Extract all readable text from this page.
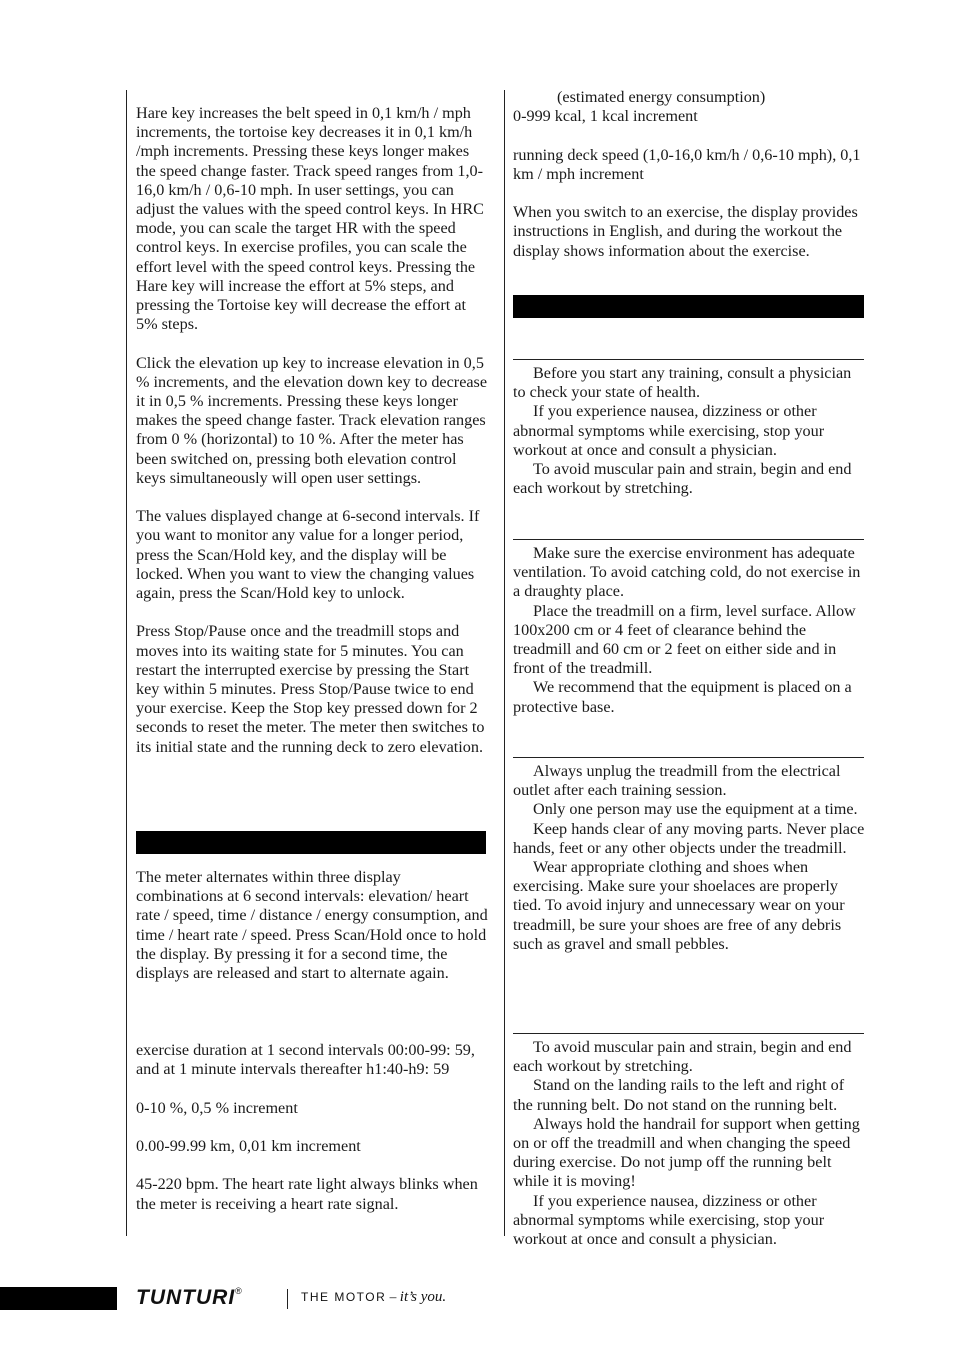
Hare key increases the belt speed in 0,1 km/h / mph increments, the tortoise key decreases it in 0,1 km/h /mph increments. Pressing these keys longer makes the speed change faster. Track speed ranges from 1,0-16,0 km/h / 0,6-10 mph. In user settings, you can adjust the values with the speed control keys. In HRC mode, you can scale the target HR with the speed control keys. In exercise profiles, you can scale the effort level with the speed control keys. Pressing the Hare key will increase the effort at 5% steps, and pressing the Tortoise key will decrease the effort at 5% steps.

Click the elevation up key to increase elevation in 0,5 % increments, and the elevation down key to decrease it in 0,5 % increments. Pressing these keys longer makes the speed change faster. Track elevation ranges from 0 % (horizontal) to 10 %. After the meter has been switched on, pressing both elevation control keys simultaneously will open user settings.

The values displayed change at 6-second intervals. If you want to monitor any value for a longer period, press the Scan/Hold key, and the display will be locked. When you want to view the changing values again, press the Scan/Hold key to unlock.

Press Stop/Pause once and the treadmill stops and moves into its waiting state for 5 minutes. You can restart the interrupted exercise by pressing the Start key within 5 minutes. Press Stop/Pause twice to end your exercise. Keep the Stop key pressed down for 2 seconds to reset the meter. The meter then switches to its initial state and the running deck to zero elevation.

The meter alternates within three display combinations at 6 second intervals: elevation/ heart rate / speed, time / distance / energy consumption, and time / heart rate / speed. Press Scan/Hold once to hold the display. By pressing it for a second time, the displays are released and start to alternate again.

exercise duration at 1 second intervals 00:00-99: 59, and at 1 minute intervals thereafter h1:40-h9: 59

0-10 %, 0,5 % increment

0.00-99.99 km, 0,01 km increment

45-220 bpm. The heart rate light always blinks when the meter is receiving a heart rate signal.

(estimated energy consumption)

0-999 kcal, 1 kcal increment

running deck speed (1,0-16,0 km/h / 0,6-10 mph), 0,1 km / mph increment

When you switch to an exercise, the display provides instructions in English, and during the workout the display shows information about the exercise.

Before you start any training, consult a physician to check your state of health.

If you experience nausea, dizziness or other abnormal symptoms while exercising, stop your workout at once and consult a physician.

To avoid muscular pain and strain, begin and end each workout by stretching.

Make sure the exercise environment has adequate ventilation. To avoid catching cold, do not exercise in a draughty place.

Place the treadmill on a firm, level surface. Allow 100x200 cm or 4 feet of clearance behind the treadmill and 60 cm or 2 feet on either side and in front of the treadmill.

We recommend that the equipment is placed on a protective base.

Always unplug the treadmill from the electrical outlet after each training session.

Only one person may use the equipment at a time.

Keep hands clear of any moving parts. Never place hands, feet or any other objects under the treadmill.

Wear appropriate clothing and shoes when exercising. Make sure your shoelaces are properly tied. To avoid injury and unnecessary wear on your treadmill, be sure your shoes are free of any debris such as gravel and small pebbles.

To avoid muscular pain and strain, begin and end each workout by stretching.

Stand on the landing rails to the left and right of the running belt. Do not stand on the running belt.

Always hold the handrail for support when getting on or off the treadmill and when changing the speed during exercise. Do not jump off the running belt while it is moving!

If you experience nausea, dizziness or other abnormal symptoms while exercising, stop your workout at once and consult a physician.

TUNTURI®	THE MOTOR – it’s you.
